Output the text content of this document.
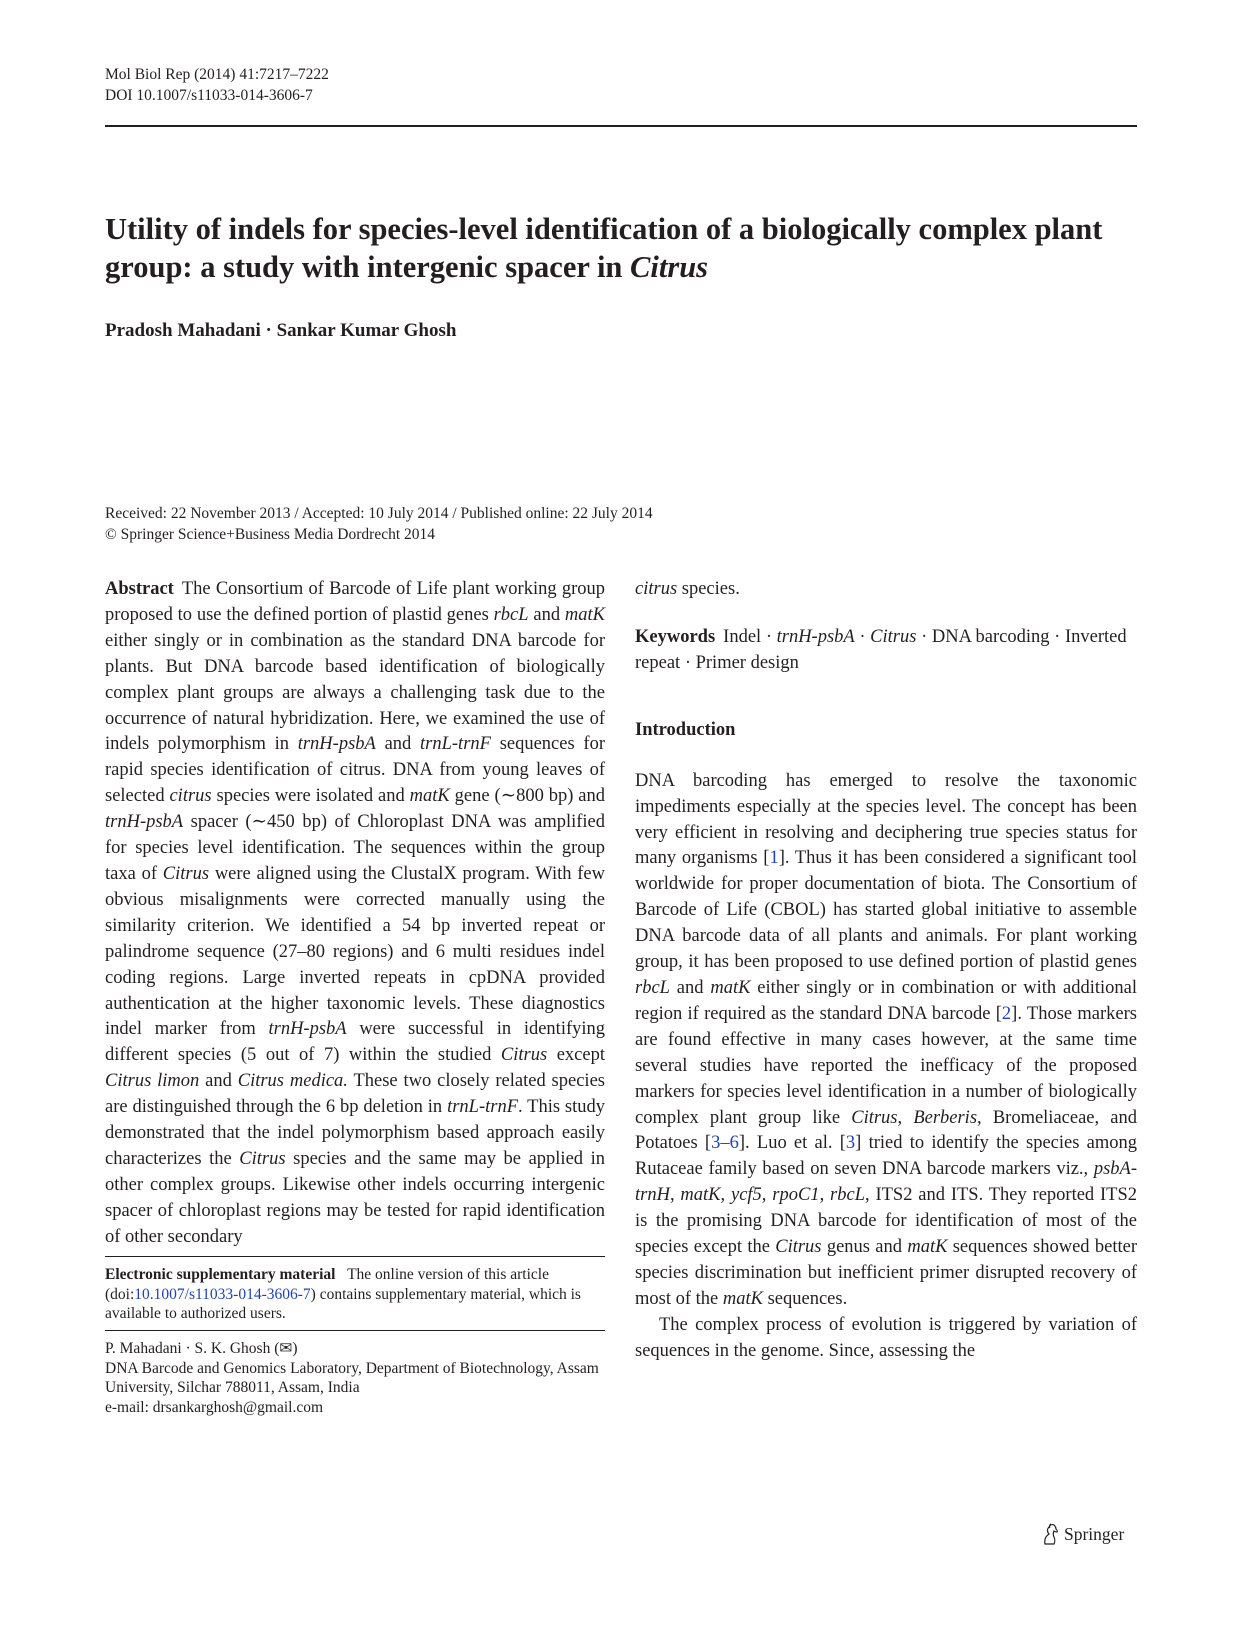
Mol Biol Rep (2014) 41:7217–7222
DOI 10.1007/s11033-014-3606-7
Utility of indels for species-level identification of a biologically complex plant group: a study with intergenic spacer in Citrus
Pradosh Mahadani · Sankar Kumar Ghosh
Received: 22 November 2013 / Accepted: 10 July 2014 / Published online: 22 July 2014
© Springer Science+Business Media Dordrecht 2014

Abstract The Consortium of Barcode of Life plant working group proposed to use the defined portion of plastid genes rbcL and matK either singly or in combination as the standard DNA barcode for plants. But DNA barcode based identification of biologically complex plant groups are always a challenging task due to the occurrence of natural hybridization. Here, we examined the use of indels polymorphism in trnH-psbA and trnL-trnF sequences for rapid species identification of citrus. DNA from young leaves of selected citrus species were isolated and matK gene (∼800 bp) and trnH-psbA spacer (∼450 bp) of Chloroplast DNA was amplified for species level identification. The sequences within the group taxa of Citrus were aligned using the ClustalX program. With few obvious misalignments were corrected manually using the similarity criterion. We identified a 54 bp inverted repeat or palindrome sequence (27–80 regions) and 6 multi residues indel coding regions. Large inverted repeats in cpDNA provided authentication at the higher taxonomic levels. These diagnostics indel marker from trnH-psbA were successful in identifying different species (5 out of 7) within the studied Citrus except Citrus limon and Citrus medica. These two closely related species are distinguished through the 6 bp deletion in trnL-trnF. This study demonstrated that the indel polymorphism based approach easily characterizes the Citrus species and the same may be applied in other complex groups. Likewise other indels occurring intergenic spacer of chloroplast regions may be tested for rapid identification of other secondary

Electronic supplementary material The online version of this article (doi:10.1007/s11033-014-3606-7) contains supplementary material, which is available to authorized users.

P. Mahadani · S. K. Ghosh (✉)

DNA Barcode and Genomics Laboratory, Department of Biotechnology, Assam University, Silchar 788011, Assam, India

e-mail: drsankarghosh@gmail.com

citrus species.

Keywords Indel · trnH-psbA · Citrus · DNA barcoding · Inverted repeat · Primer design

Introduction

DNA barcoding has emerged to resolve the taxonomic impediments especially at the species level. The concept has been very efficient in resolving and deciphering true species status for many organisms [1]. Thus it has been considered a significant tool worldwide for proper documentation of biota. The Consortium of Barcode of Life (CBOL) has started global initiative to assemble DNA barcode data of all plants and animals. For plant working group, it has been proposed to use defined portion of plastid genes rbcL and matK either singly or in combination or with additional region if required as the standard DNA barcode [2]. Those markers are found effective in many cases however, at the same time several studies have reported the inefficacy of the proposed markers for species level identification in a number of biologically complex plant group like Citrus, Berberis, Bromeliaceae, and Potatoes [3–6]. Luo et al. [3] tried to identify the species among Rutaceae family based on seven DNA barcode markers viz., psbA-trnH, matK, ycf5, rpoC1, rbcL, ITS2 and ITS. They reported ITS2 is the promising DNA barcode for identification of most of the species except the Citrus genus and matK sequences showed better species discrimination but inefficient primer disrupted recovery of most of the matK sequences.

The complex process of evolution is triggered by variation of sequences in the genome. Since, assessing the

Springer
